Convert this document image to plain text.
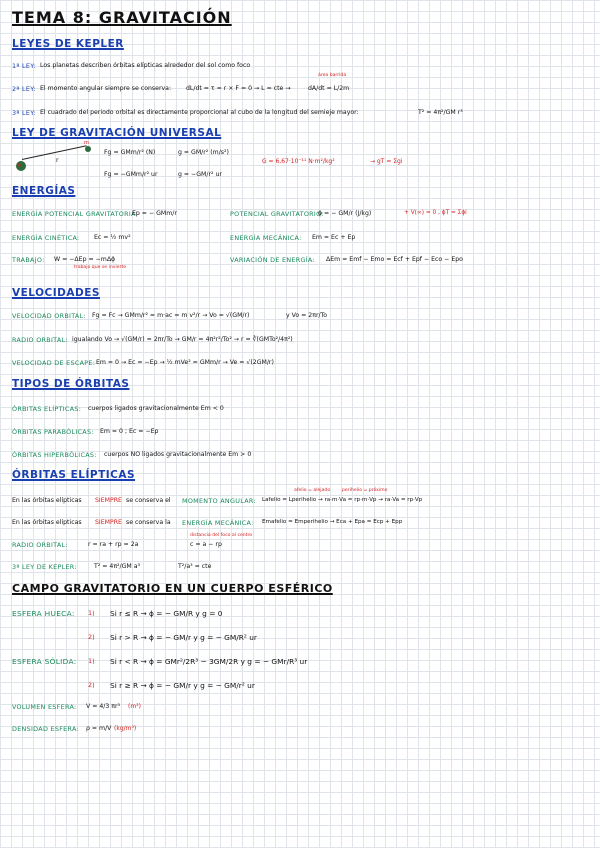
TEMA 8: GRAVITACIÓN
LEYES DE KEPLER
1ª LEY: Los planetas describen órbitas elípticas alrededor del sol como foco
área barrida
2ª LEY: El momento angular siempre se conserva: dL/dt = τ = r × F = 0 → L = cte →	dA/dt = L/2m
3ª LEY: El cuadrado del periodo orbital es directamente proporcional al cubo de la longitud del semieje mayor:	T² = 4π²/GM r³
LEY DE GRAVITACIÓN UNIVERSAL
M
m
r
Fg = GMm/r² (N)	g = GM/r² (m/s²)
Fg = −GMm/r² ur	g = −GM/r² ur
G = 6,67·10⁻¹¹ N·m²/kg²	→ gT = Σgi
ENERGÍAS
ENERGÍA POTENCIAL GRAVITATORIA:
Ep = − GMm/r	POTENCIAL GRAVITATORIO:
ɸ = − GM/r (J/kg)	+ V(∞) = 0 , ɸT = Σɸi
ENERGÍA CINÉTICA: Ec = ½ mv²	ENERGÍA MECÁNICA: Em = Ec + Ep
TRABAJO: W = −ΔEp = −mΔɸ
trabajo que se invierte
VARIACIÓN DE ENERGÍA: ΔEm = Emf − Emo = Ecf + Epf − Eco − Epo
VELOCIDADES
VELOCIDAD ORBITAL: Fg = Fc → GMm/r² = m·ac = m v²/r → Vo = √(GM/r)	y Vo = 2πr/To
RADIO ORBITAL: igualando Vo → √(GM/r) = 2πr/To → GM/r = 4π²r²/To² → r = ∛(GMTo²/4π²)
VELOCIDAD DE ESCAPE: Em = 0 → Ec = −Ep → ½ mVe² = GMm/r → Ve = √(2GM/r)
TIPOS DE ÓRBITAS
ÓRBITAS ELÍPTICAS: cuerpos ligados gravitacionalmente Em < 0
ÓRBITAS PARABÓLICAS: Em = 0 ; Ec = −Ep
ÓRBITAS HIPERBÓLICAS: cuerpos NO ligados gravitacionalmente Em > 0
ÓRBITAS ELÍPTICAS
afelio = alejado	perihelio = próximo
En las órbitas elípticas SIEMPRE se conserva el MOMENTO ANGULAR: Lafelio = Lperihelio → ra·m·Va = rp·m·Vp → ra·Va = rp·Vp
En las órbitas elípticas SIEMPRE se conserva la ENERGÍA MECÁNICA: Emafelio = Emperihelio → Eca + Epa = Ecp + Epp
distancia del foco al centro
RADIO ORBITAL:	r = ra + rp = 2a	c = a − rp
3ª LEY DE KEPLER:	T² = 4π²/GM a³	T²/a³ = cte
CAMPO GRAVITATORIO EN UN CUERPO ESFÉRICO
ESFERA HUECA: 1) Si r ≤ R → ɸ = − GM/R y g = 0
2) Si r > R → ɸ = − GM/r y g = − GM/R² ur
ESFERA SÓLIDA: 1) Si r < R → ɸ = GMr²/2R³ − 3GM/2R y g = − GMr/R³ ur
2) Si r ≥ R → ɸ = − GM/r y g = − GM/r² ur
VOLUMEN ESFERA: V = 4/3 πr³ (m³)
DENSIDAD ESFERA: ρ = m/V (kg/m³)
